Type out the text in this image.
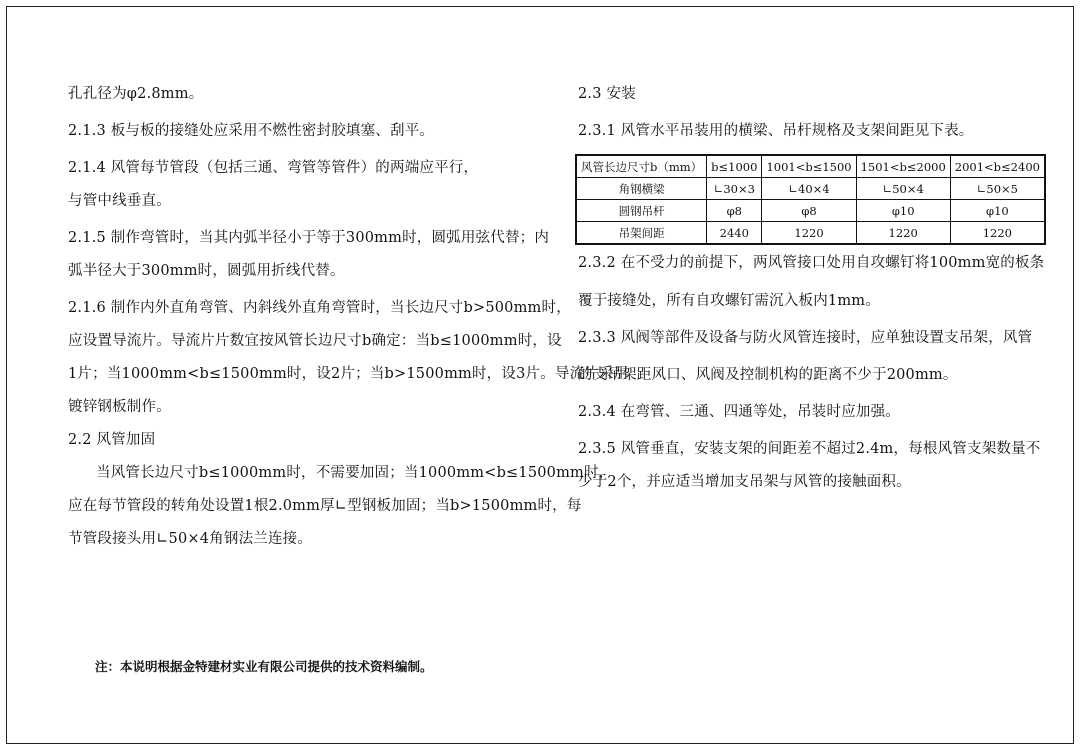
孔孔径为φ2.8mm。
2.1.3 板与板的接缝处应采用不燃性密封胶填塞、刮平。
2.1.4 风管每节管段（包括三通、弯管等管件）的两端应平行，
与管中线垂直。
2.1.5 制作弯管时，当其内弧半径小于等于300mm时，圆弧用弦代替；内
弧半径大于300mm时，圆弧用折线代替。
2.1.6 制作内外直角弯管、内斜线外直角弯管时，当长边尺寸b>500mm时，
应设置导流片。导流片片数宜按风管长边尺寸b确定：当b≤1000mm时，设
1片；当1000mm<b≤1500mm时，设2片；当b>1500mm时，设3片。导流片采用
镀锌钢板制作。
2.2 风管加固
当风管长边尺寸b≤1000mm时，不需要加固；当1000mm<b≤1500mm时，
应在每节管段的转角处设置1根2.0mm厚∟型钢板加固；当b>1500mm时，每
节管段接头用∟50×4角钢法兰连接。
2.3 安装
2.3.1 风管水平吊装用的横梁、吊杆规格及支架间距见下表。
风管长边尺寸b（mm）	b≤1000	1001<b≤1500	1501<b≤2000	2001<b≤2400
角钢横梁	∟30×3	∟40×4	∟50×4	∟50×5
圆钢吊杆	φ8	φ8	φ10	φ10
吊架间距	2440	1220	1220	1220
2.3.2 在不受力的前提下，两风管接口处用自攻螺钉将100mm宽的板条
覆于接缝处，所有自攻螺钉需沉入板内1mm。
2.3.3 风阀等部件及设备与防火风管连接时，应单独设置支吊架，风管
的支吊架距风口、风阀及控制机构的距离不少于200mm。
2.3.4 在弯管、三通、四通等处，吊装时应加强。
2.3.5 风管垂直，安装支架的间距差不超过2.4m，每根风管支架数量不
少于2个，并应适当增加支吊架与风管的接触面积。
注：本说明根据金特建材实业有限公司提供的技术资料编制。
